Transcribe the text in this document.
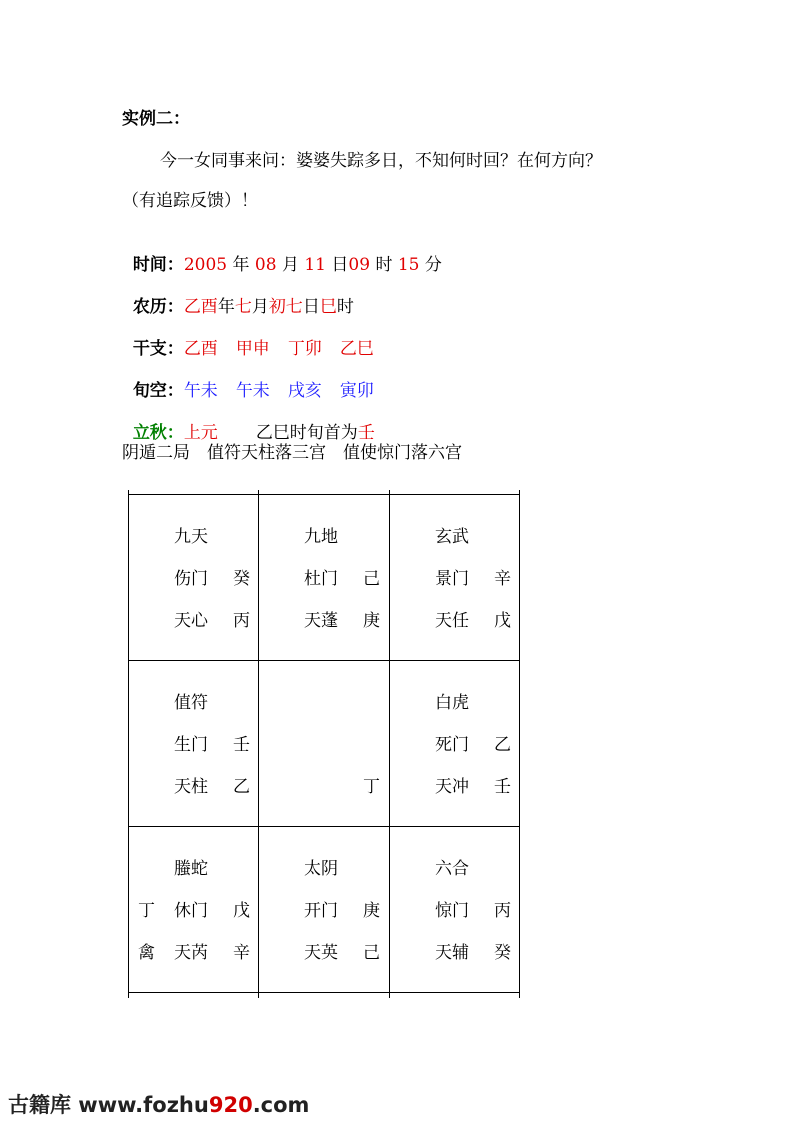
实例二：
今一女同事来问：婆婆失踪多日，不知何时回？在何方向？
（有追踪反馈）！

时间：2005 年 08 月 11 日09 时 15 分

农历：乙酉年七月初七日巳时

干支：乙酉 甲申 丁卯 乙巳

旬空：午未 午未 戌亥 寅卯

立秋：上元 乙巳时旬首为壬

阴遁二局　值符天柱落三宫　值使惊门落六宫
九天
伤门 癸
天心 丙
九地
杜门 己
天蓬 庚
玄武
景门 辛
天任 戊
值符
生门 壬
天柱 乙	丁
白虎
死门 乙
天冲 壬
螣蛇
休门 戊
天芮 辛
丁
禽
太阴
开门 庚
天英 己
六合
惊门 丙
天辅 癸
古籍库 www.fozhu920.com
